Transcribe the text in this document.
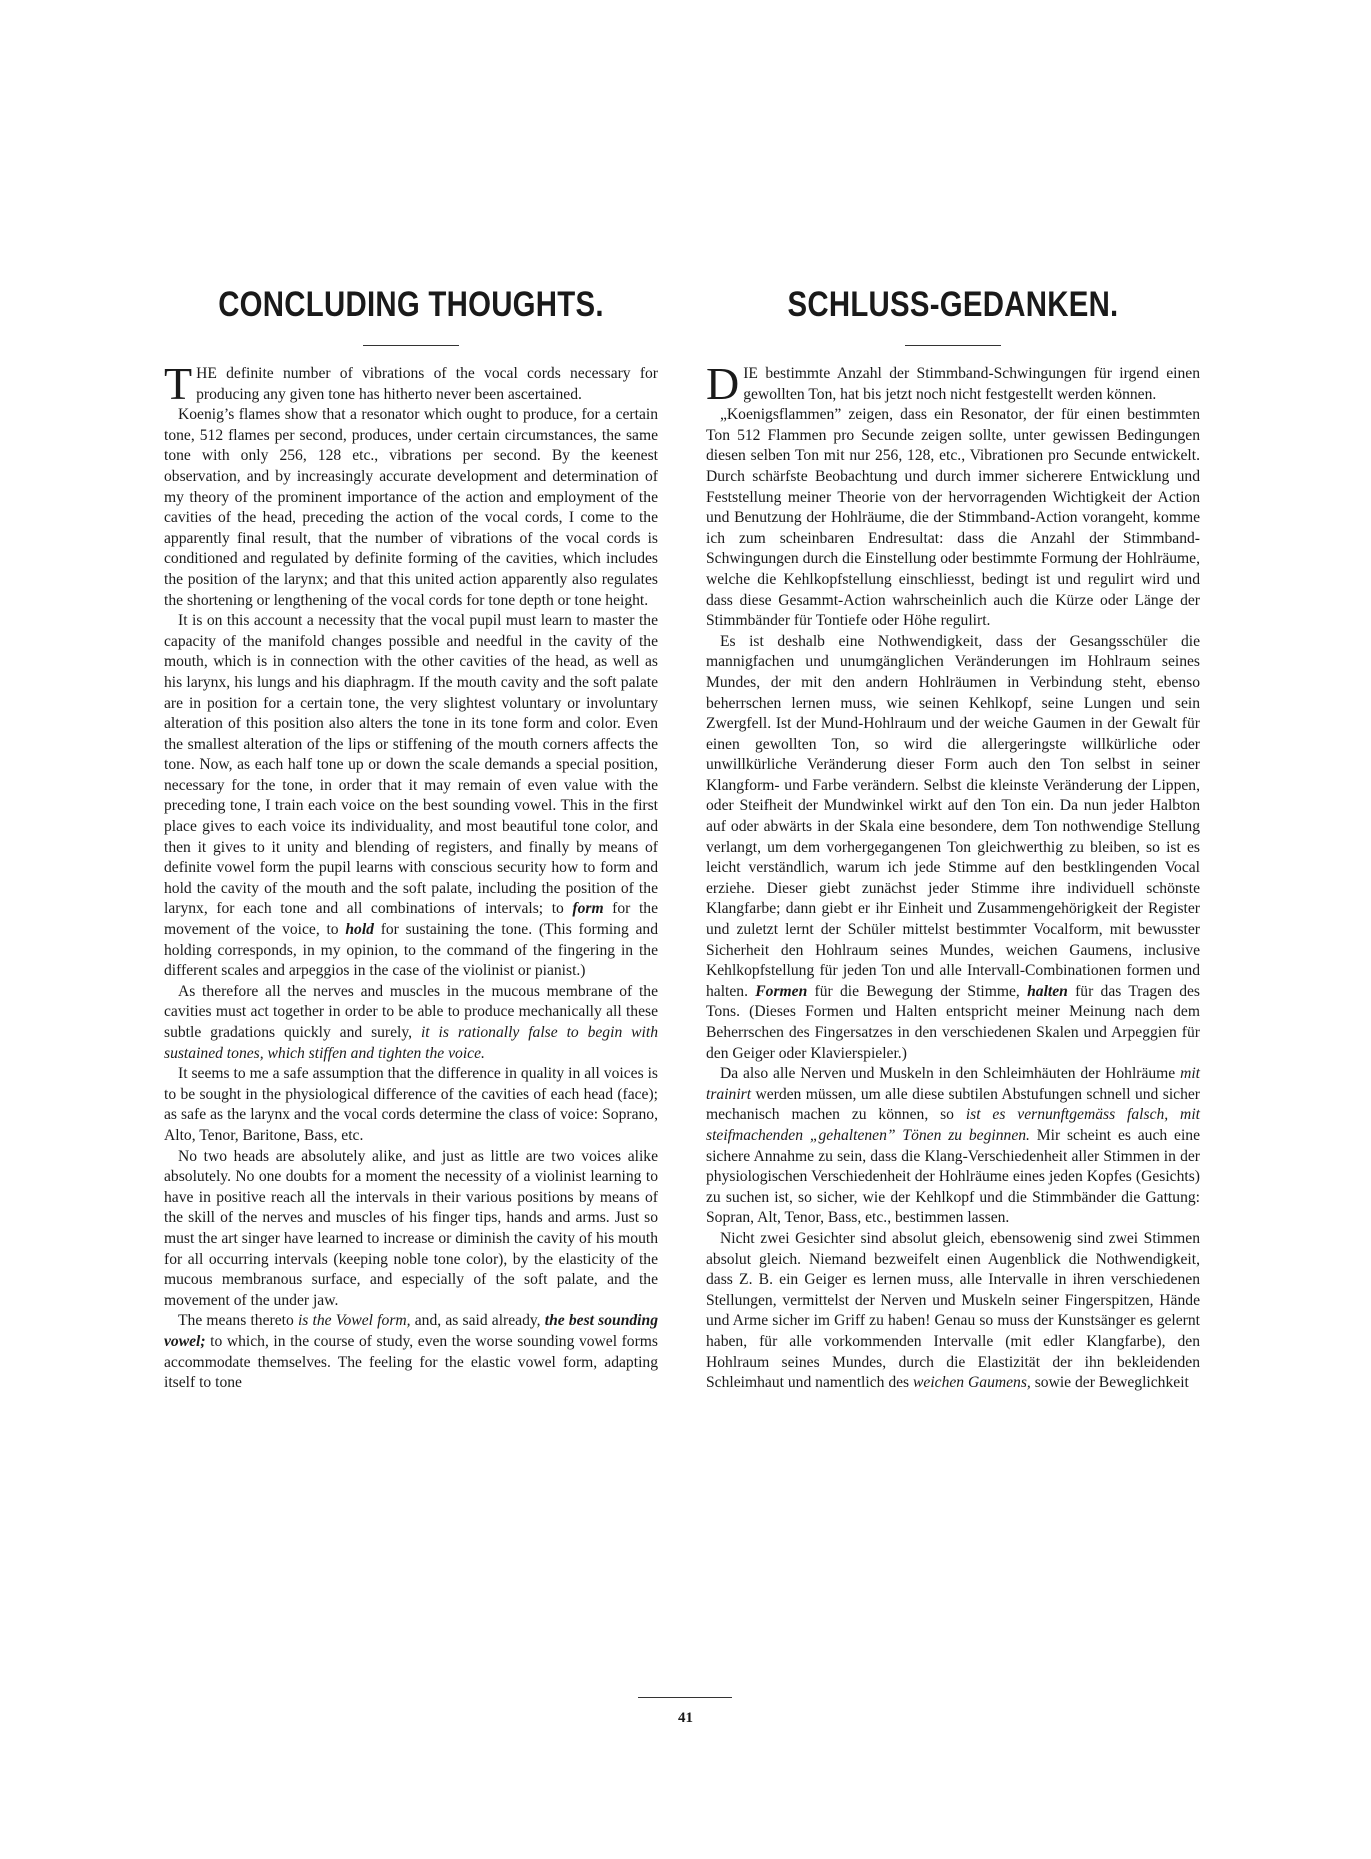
CONCLUDING THOUGHTS.

THE definite number of vibrations of the vocal cords necessary for producing any given tone has hitherto never been ascertained.

Koenig’s flames show that a resonator which ought to produce, for a certain tone, 512 flames per second, produces, under certain circumstances, the same tone with only 256, 128 etc., vibrations per second. By the keenest observation, and by increasingly accurate development and determination of my theory of the prominent importance of the action and employment of the cavities of the head, preceding the action of the vocal cords, I come to the apparently final result, that the number of vibrations of the vocal cords is conditioned and regulated by definite forming of the cavities, which includes the position of the larynx; and that this united action apparently also regulates the shortening or lengthening of the vocal cords for tone depth or tone height.

It is on this account a necessity that the vocal pupil must learn to master the capacity of the manifold changes possible and needful in the cavity of the mouth, which is in connection with the other cavities of the head, as well as his larynx, his lungs and his diaphragm. If the mouth cavity and the soft palate are in position for a certain tone, the very slightest voluntary or involuntary alteration of this position also alters the tone in its tone form and color. Even the smallest alteration of the lips or stiffening of the mouth corners affects the tone. Now, as each half tone up or down the scale demands a special position, necessary for the tone, in order that it may remain of even value with the preceding tone, I train each voice on the best sounding vowel. This in the first place gives to each voice its individuality, and most beautiful tone color, and then it gives to it unity and blending of registers, and finally by means of definite vowel form the pupil learns with conscious security how to form and hold the cavity of the mouth and the soft palate, including the position of the larynx, for each tone and all combinations of intervals; to form for the movement of the voice, to hold for sustaining the tone. (This forming and holding corresponds, in my opinion, to the command of the fingering in the different scales and arpeggios in the case of the violinist or pianist.)

As therefore all the nerves and muscles in the mucous membrane of the cavities must act together in order to be able to produce mechanically all these subtle gradations quickly and surely, it is rationally false to begin with sustained tones, which stiffen and tighten the voice.

It seems to me a safe assumption that the difference in quality in all voices is to be sought in the physiological difference of the cavities of each head (face); as safe as the larynx and the vocal cords determine the class of voice: Soprano, Alto, Tenor, Baritone, Bass, etc.

No two heads are absolutely alike, and just as little are two voices alike absolutely. No one doubts for a moment the necessity of a violinist learning to have in positive reach all the intervals in their various positions by means of the skill of the nerves and muscles of his finger tips, hands and arms. Just so must the art singer have learned to increase or diminish the cavity of his mouth for all occurring intervals (keeping noble tone color), by the elasticity of the mucous membranous surface, and especially of the soft palate, and the movement of the under jaw.

The means thereto is the Vowel form, and, as said already, the best sounding vowel; to which, in the course of study, even the worse sounding vowel forms accommodate themselves. The feeling for the elastic vowel form, adapting itself to tone

SCHLUSS-GEDANKEN.

DIE bestimmte Anzahl der Stimmband-Schwingungen für irgend einen gewollten Ton, hat bis jetzt noch nicht festgestellt werden können.

„Koenigsflammen” zeigen, dass ein Resonator, der für einen bestimmten Ton 512 Flammen pro Secunde zeigen sollte, unter gewissen Bedingungen diesen selben Ton mit nur 256, 128, etc., Vibrationen pro Secunde entwickelt. Durch schärfste Beobachtung und durch immer sicherere Entwicklung und Feststellung meiner Theorie von der hervorragenden Wichtigkeit der Action und Benutzung der Hohlräume, die der Stimmband-Action vorangeht, komme ich zum scheinbaren Endresultat: dass die Anzahl der Stimmband-Schwingungen durch die Einstellung oder bestimmte Formung der Hohlräume, welche die Kehlkopfstellung einschliesst, bedingt ist und regulirt wird und dass diese Gesammt-Action wahrscheinlich auch die Kürze oder Länge der Stimmbänder für Tontiefe oder Höhe regulirt.

Es ist deshalb eine Nothwendigkeit, dass der Gesangsschüler die mannigfachen und unumgänglichen Veränderungen im Hohlraum seines Mundes, der mit den andern Hohlräumen in Verbindung steht, ebenso beherrschen lernen muss, wie seinen Kehlkopf, seine Lungen und sein Zwergfell. Ist der Mund-Hohlraum und der weiche Gaumen in der Gewalt für einen gewollten Ton, so wird die allergeringste willkürliche oder unwillkürliche Veränderung dieser Form auch den Ton selbst in seiner Klangform- und Farbe verändern. Selbst die kleinste Veränderung der Lippen, oder Steifheit der Mundwinkel wirkt auf den Ton ein. Da nun jeder Halbton auf oder abwärts in der Skala eine besondere, dem Ton nothwendige Stellung verlangt, um dem vorhergegangenen Ton gleichwerthig zu bleiben, so ist es leicht verständlich, warum ich jede Stimme auf den bestklingenden Vocal erziehe. Dieser giebt zunächst jeder Stimme ihre individuell schönste Klangfarbe; dann giebt er ihr Einheit und Zusammengehörigkeit der Register und zuletzt lernt der Schüler mittelst bestimmter Vocalform, mit bewusster Sicherheit den Hohlraum seines Mundes, weichen Gaumens, inclusive Kehlkopfstellung für jeden Ton und alle Intervall-Combinationen formen und halten. Formen für die Bewegung der Stimme, halten für das Tragen des Tons. (Dieses Formen und Halten entspricht meiner Meinung nach dem Beherrschen des Fingersatzes in den verschiedenen Skalen und Arpeggien für den Geiger oder Klavierspieler.)

Da also alle Nerven und Muskeln in den Schleimhäuten der Hohlräume mit trainirt werden müssen, um alle diese subtilen Abstufungen schnell und sicher mechanisch machen zu können, so ist es vernunftgemäss falsch, mit steifmachenden „gehaltenen” Tönen zu beginnen. Mir scheint es auch eine sichere Annahme zu sein, dass die Klang-Verschiedenheit aller Stimmen in der physiologischen Verschiedenheit der Hohlräume eines jeden Kopfes (Gesichts) zu suchen ist, so sicher, wie der Kehlkopf und die Stimmbänder die Gattung: Sopran, Alt, Tenor, Bass, etc., bestimmen lassen.

Nicht zwei Gesichter sind absolut gleich, ebensowenig sind zwei Stimmen absolut gleich. Niemand bezweifelt einen Augenblick die Nothwendigkeit, dass Z. B. ein Geiger es lernen muss, alle Intervalle in ihren verschiedenen Stellungen, vermittelst der Nerven und Muskeln seiner Fingerspitzen, Hände und Arme sicher im Griff zu haben! Genau so muss der Kunstsänger es gelernt haben, für alle vorkommenden Intervalle (mit edler Klangfarbe), den Hohlraum seines Mundes, durch die Elastizität der ihn bekleidenden Schleimhaut und namentlich des weichen Gaumens, sowie der Beweglichkeit

41
